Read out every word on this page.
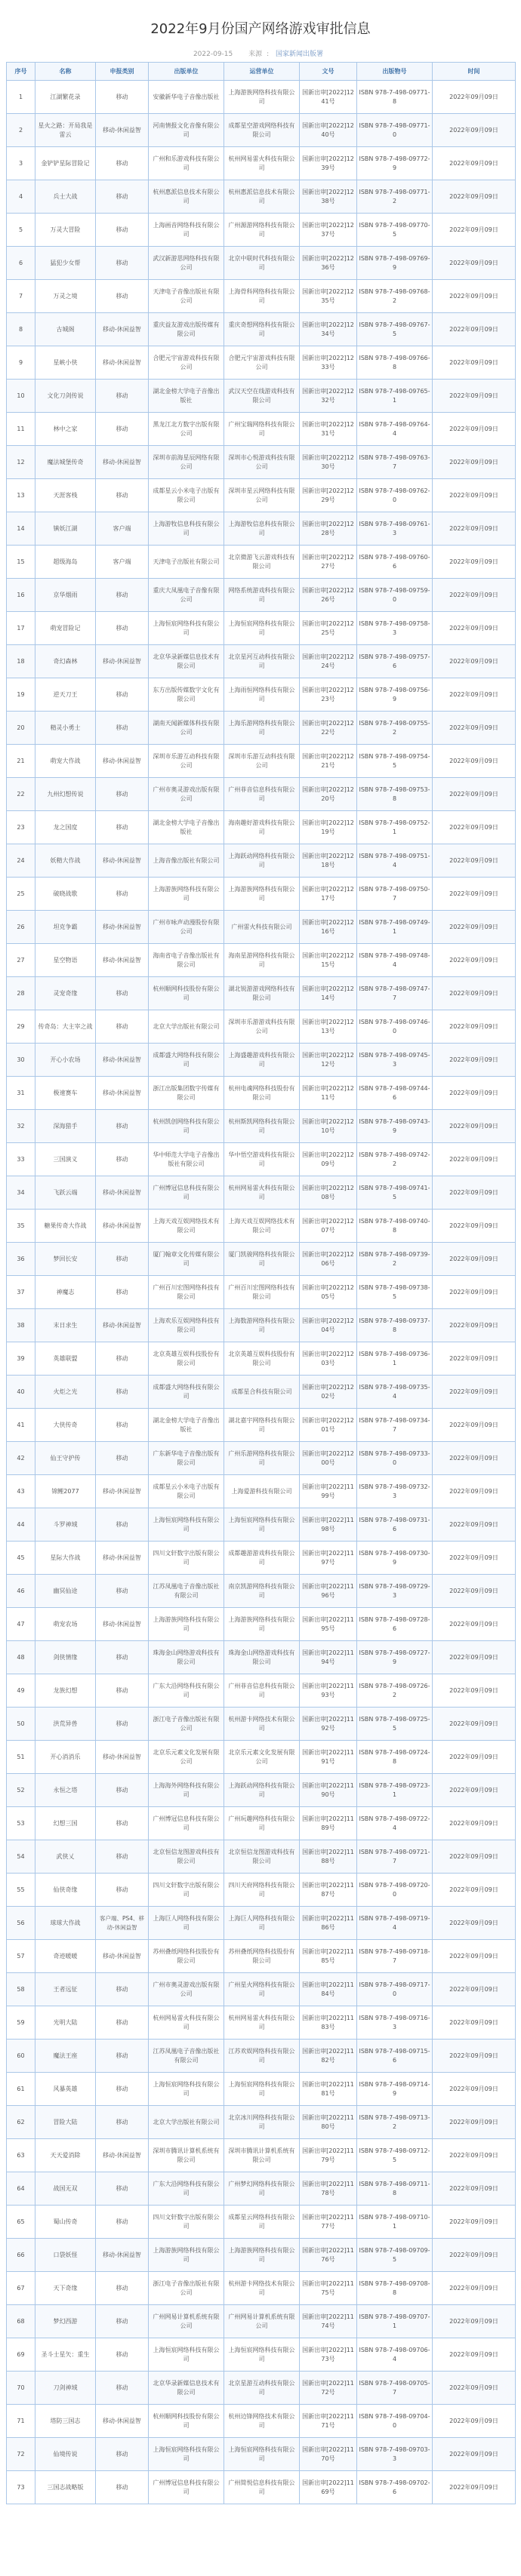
2022年9月份国产网络游戏审批信息
2022-09-15 来源 : 国家新闻出版署
序号	名称	申报类别	出版单位	运营单位	文号	出版物号	时间
1	江湖繁花录	移动	安徽新华电子音像出版社	上海游族网络科技有限公司	国新出审[2022]1241号	ISBN 978-7-498-09771-8	2022年09月09日
2	星火之路：开局我是雷云	移动-休闲益智	河南情报文化音像有限公司	成都星空游戏网络科技有限公司	国新出审[2022]1240号	ISBN 978-7-498-09771-0	2022年09月09日
3	金铲铲星际冒险记	移动	广州和乐游戏科技有限公司	杭州网易雷火科技有限公司	国新出审[2022]1239号	ISBN 978-7-498-09772-9	2022年09月09日
4	兵士大战	移动	杭州惠派信息技术有限公司	杭州惠派信息技术有限公司	国新出审[2022]1238号	ISBN 978-7-498-09771-2	2022年09月09日
5	万灵大冒险	移动	上海画音网络科技有限公司	广州源游网络科技有限公司	国新出审[2022]1237号	ISBN 978-7-498-09770-5	2022年09月09日
6	猛犯少女帮	移动	武汉新游思网络科技有限公司	北京中联时代科技有限公司	国新出审[2022]1236号	ISBN 978-7-498-09769-9	2022年09月09日
7	万灵之境	移动	天津电子音像出版社有限公司	上海骨科网络科技有限公司	国新出审[2022]1235号	ISBN 978-7-498-09768-2	2022年09月09日
8	古城阁	移动-休闲益智	重庆益友游戏出版传媒有限公司	重庆奇想网络科技有限公司	国新出审[2022]1234号	ISBN 978-7-498-09767-5	2022年09月09日
9	星峡小侠	移动-休闲益智	合肥元宇宙游戏科技有限公司	合肥元宇宙游戏科技有限公司	国新出审[2022]1233号	ISBN 978-7-498-09766-8	2022年09月09日
10	文化刀剑传说	移动	湖北金榜大学电子音像出版社	武汉天空在线游戏科技有限公司	国新出审[2022]1232号	ISBN 978-7-498-09765-1	2022年09月09日
11	林中之家	移动	黑龙江北方数字出版有限公司	广州宝瑞网络科技有限公司	国新出审[2022]1231号	ISBN 978-7-498-09764-4	2022年09月09日
12	魔法城堡传奇	移动-休闲益智	深圳市前海星辰网络有限公司	深圳市心悦游戏科技有限公司	国新出审[2022]1230号	ISBN 978-7-498-09763-7	2022年09月09日
13	天涯客栈	移动	成都星云小米电子出版有限公司	深圳市星云网络科技有限公司	国新出审[2022]1229号	ISBN 978-7-498-09762-0	2022年09月09日
14	镇妖江湖	客户端	上海游牧信息科技有限公司	上海游牧信息科技有限公司	国新出审[2022]1228号	ISBN 978-7-498-09761-3	2022年09月09日
15	超级海岛	客户端	天津电子出版社有限公司	北京微游飞云游戏科技有限公司	国新出审[2022]1227号	ISBN 978-7-498-09760-6	2022年09月09日
16	京华烟雨	移动	重庆大凤凰电子音像有限公司	网络系统游戏科技有限公司	国新出审[2022]1226号	ISBN 978-7-498-09759-0	2022年09月09日
17	萌宠冒险记	移动	上海恒宸网络科技有限公司	上海恒宸网络科技有限公司	国新出审[2022]1225号	ISBN 978-7-498-09758-3	2022年09月09日
18	奇幻森林	移动-休闲益智	北京华录新媒信息技术有限公司	北京星河互动科技有限公司	国新出审[2022]1224号	ISBN 978-7-498-09757-6	2022年09月09日
19	逆天刀王	移动	东方出版传媒数字文化有限公司	上海雨恒网络科技有限公司	国新出审[2022]1223号	ISBN 978-7-498-09756-9	2022年09月09日
20	精灵小勇士	移动	湖南天闻新媒体科技有限公司	上海乐游网络科技有限公司	国新出审[2022]1222号	ISBN 978-7-498-09755-2	2022年09月09日
21	萌宠大作战	移动-休闲益智	深圳市乐游互动科技有限公司	深圳市乐游互动科技有限公司	国新出审[2022]1221号	ISBN 978-7-498-09754-5	2022年09月09日
22	九州幻想传说	移动	广州市奥灵游戏出版有限公司	广州菲音信息科技有限公司	国新出审[2022]1220号	ISBN 978-7-498-09753-8	2022年09月09日
23	龙之国度	移动	湖北金榜大学电子音像出版社	海南趣好游戏科技有限公司	国新出审[2022]1219号	ISBN 978-7-498-09752-1	2022年09月09日
24	妖精大作战	移动-休闲益智	上海音像出版社有限公司	上海跃动网络科技有限公司	国新出审[2022]1218号	ISBN 978-7-498-09751-4	2022年09月09日
25	破晓战歌	移动	上海游族网络科技有限公司	上海游族网络科技有限公司	国新出审[2022]1217号	ISBN 978-7-498-09750-7	2022年09月09日
26	坦克争霸	移动-休闲益智	广州市咏声动漫股份有限公司	广州雷火科技有限公司	国新出审[2022]1216号	ISBN 978-7-498-09749-1	2022年09月09日
27	星空物语	移动-休闲益智	海南省电子音像出版社有限公司	海南星游网络科技有限公司	国新出审[2022]1215号	ISBN 978-7-498-09748-4	2022年09月09日
28	灵宠奇缘	移动	杭州顺网科技股份有限公司	湖北锐游游戏网络科技有限公司	国新出审[2022]1214号	ISBN 978-7-498-09747-7	2022年09月09日
29	传奇岛：大主宰之战	移动	北京大学出版社有限公司	深圳市乐游游戏科技有限公司	国新出审[2022]1213号	ISBN 978-7-498-09746-0	2022年09月09日
30	开心小农场	移动-休闲益智	成都盛大网络科技有限公司	上海盛趣游戏科技有限公司	国新出审[2022]1212号	ISBN 978-7-498-09745-3	2022年09月09日
31	极速赛车	移动-休闲益智	浙江出版集团数字传媒有限公司	杭州电魂网络科技股份有限公司	国新出审[2022]1211号	ISBN 978-7-498-09744-6	2022年09月09日
32	深海猎手	移动	杭州凯创网络科技有限公司	杭州斯凯网络科技有限公司	国新出审[2022]1210号	ISBN 978-7-498-09743-9	2022年09月09日
33	三国演义	移动	华中师范大学电子音像出版社有限公司	华中悟空游戏科技有限公司	国新出审[2022]1209号	ISBN 978-7-498-09742-2	2022年09月09日
34	飞跃云端	移动-休闲益智	广州博冠信息科技有限公司	杭州网易雷火科技有限公司	国新出审[2022]1208号	ISBN 978-7-498-09741-5	2022年09月09日
35	糖果传奇大作战	移动-休闲益智	上海天戏互娱网络技术有限公司	上海天戏互娱网络技术有限公司	国新出审[2022]1207号	ISBN 978-7-498-09740-8	2022年09月09日
36	梦回长安	移动	厦门翰章文化传媒有限公司	厦门凯骏网络科技有限公司	国新出审[2022]1206号	ISBN 978-7-498-09739-2	2022年09月09日
37	神魔志	移动	广州百川宏图网络科技有限公司	广州百川宏图网络科技有限公司	国新出审[2022]1205号	ISBN 978-7-498-09738-5	2022年09月09日
38	末日求生	移动-休闲益智	上海欢乐互娱网络科技有限公司	上海数游网络科技有限公司	国新出审[2022]1204号	ISBN 978-7-498-09737-8	2022年09月09日
39	英雄联盟	移动	北京英雄互娱科技股份有限公司	北京英雄互娱科技股份有限公司	国新出审[2022]1203号	ISBN 978-7-498-09736-1	2022年09月09日
40	火炬之光	移动	成都盛大网络科技有限公司	成都星合科技有限公司	国新出审[2022]1202号	ISBN 978-7-498-09735-4	2022年09月09日
41	大侠传奇	移动	湖北金榜大学电子音像出版社	湖北嘉宇网络科技有限公司	国新出审[2022]1201号	ISBN 978-7-498-09734-7	2022年09月09日
42	仙王守护传	移动	广东新华电子音像出版有限公司	广州乐游网络科技有限公司	国新出审[2022]1200号	ISBN 978-7-498-09733-0	2022年09月09日
43	锦鲤2077	移动-休闲益智	成都星云小米电子出版有限公司	上海爱游科技有限公司	国新出审[2022]1199号	ISBN 978-7-498-09732-3	2022年09月09日
44	斗罗神域	移动	上海恒宸网络科技有限公司	上海恒宸网络科技有限公司	国新出审[2022]1198号	ISBN 978-7-498-09731-6	2022年09月09日
45	星际大作战	移动-休闲益智	四川文轩数字出版有限公司	成都趣游游戏科技有限公司	国新出审[2022]1197号	ISBN 978-7-498-09730-9	2022年09月09日
46	幽冥仙途	移动	江苏凤凰电子音像出版社有限公司	南京凯游网络科技有限公司	国新出审[2022]1196号	ISBN 978-7-498-09729-3	2022年09月09日
47	萌宠农场	移动-休闲益智	上海游族网络科技有限公司	上海游族网络科技有限公司	国新出审[2022]1195号	ISBN 978-7-498-09728-6	2022年09月09日
48	剑侠情缘	移动	珠海金山网络游戏科技有限公司	珠海金山网络游戏科技有限公司	国新出审[2022]1194号	ISBN 978-7-498-09727-9	2022年09月09日
49	龙族幻想	移动	广东大沿网络科技有限公司	广州菲音信息科技有限公司	国新出审[2022]1193号	ISBN 978-7-498-09726-2	2022年09月09日
50	洪荒异兽	移动	浙江电子音像出版社有限公司	杭州游卡网络技术有限公司	国新出审[2022]1192号	ISBN 978-7-498-09725-5	2022年09月09日
51	开心消消乐	移动-休闲益智	北京乐元素文化发展有限公司	北京乐元素文化发展有限公司	国新出审[2022]1191号	ISBN 978-7-498-09724-8	2022年09月09日
52	永恒之塔	移动	上海海外网络科技有限公司	上海跃动网络科技有限公司	国新出审[2022]1190号	ISBN 978-7-498-09723-1	2022年09月09日
53	幻想三国	移动	广州博冠信息科技有限公司	广州玩趣网络科技有限公司	国新出审[2022]1189号	ISBN 978-7-498-09722-4	2022年09月09日
54	武侠乂	移动	北京恒信龙图游戏科技有限公司	北京恒信龙图游戏科技有限公司	国新出审[2022]1188号	ISBN 978-7-498-09721-7	2022年09月09日
55	仙侠奇缘	移动	四川文轩数字出版有限公司	四川天府网络科技有限公司	国新出审[2022]1187号	ISBN 978-7-498-09720-0	2022年09月09日
56	球球大作战	客户端、PS4、移动-休闲益智	上海巨人网络科技有限公司	上海巨人网络科技有限公司	国新出审[2022]1186号	ISBN 978-7-498-09719-4	2022年09月09日
57	奇迹暖暖	移动-休闲益智	苏州叠纸网络科技股份有限公司	苏州叠纸网络科技股份有限公司	国新出审[2022]1185号	ISBN 978-7-498-09718-7	2022年09月09日
58	王者远征	移动	广州市奥灵游戏出版有限公司	广州星火网络科技有限公司	国新出审[2022]1184号	ISBN 978-7-498-09717-0	2022年09月09日
59	光明大陆	移动	杭州网易雷火科技有限公司	杭州网易雷火科技有限公司	国新出审[2022]1183号	ISBN 978-7-498-09716-3	2022年09月09日
60	魔法王座	移动	江苏凤凰电子音像出版社有限公司	江苏欢娱网络科技有限公司	国新出审[2022]1182号	ISBN 978-7-498-09715-6	2022年09月09日
61	风暴英雄	移动	上海恒宸网络科技有限公司	上海恒宸网络科技有限公司	国新出审[2022]1181号	ISBN 978-7-498-09714-9	2022年09月09日
62	冒险大陆	移动	北京大学出版社有限公司	北京冰川网络科技有限公司	国新出审[2022]1180号	ISBN 978-7-498-09713-2	2022年09月09日
63	天天爱消除	移动-休闲益智	深圳市腾讯计算机系统有限公司	深圳市腾讯计算机系统有限公司	国新出审[2022]1179号	ISBN 978-7-498-09712-5	2022年09月09日
64	战国无双	移动	广东大沿网络科技有限公司	广州梦幻网络科技有限公司	国新出审[2022]1178号	ISBN 978-7-498-09711-8	2022年09月09日
65	蜀山传奇	移动	四川文轩数字出版有限公司	成都星云网络科技有限公司	国新出审[2022]1177号	ISBN 978-7-498-09710-1	2022年09月09日
66	口袋妖怪	移动-休闲益智	上海游族网络科技有限公司	上海游族网络科技有限公司	国新出审[2022]1176号	ISBN 978-7-498-09709-5	2022年09月09日
67	天下奇缘	移动	浙江电子音像出版社有限公司	杭州游卡网络技术有限公司	国新出审[2022]1175号	ISBN 978-7-498-09708-8	2022年09月09日
68	梦幻西游	移动	广州网易计算机系统有限公司	广州网易计算机系统有限公司	国新出审[2022]1174号	ISBN 978-7-498-09707-1	2022年09月09日
69	圣斗士星矢：重生	移动	上海恒宸网络科技有限公司	上海恒宸网络科技有限公司	国新出审[2022]1173号	ISBN 978-7-498-09706-4	2022年09月09日
70	刀剑神域	移动	北京华录新媒信息技术有限公司	北京星游互动科技有限公司	国新出审[2022]1172号	ISBN 978-7-498-09705-7	2022年09月09日
71	塔防三国志	移动-休闲益智	杭州顺网科技股份有限公司	杭州边锋网络技术有限公司	国新出审[2022]1171号	ISBN 978-7-498-09704-0	2022年09月09日
72	仙境传说	移动	上海恒宸网络科技有限公司	上海恒宸网络科技有限公司	国新出审[2022]1170号	ISBN 978-7-498-09703-3	2022年09月09日
73	三国志战略版	移动	广州博冠信息科技有限公司	广州简悦信息科技有限公司	国新出审[2022]1169号	ISBN 978-7-498-09702-6	2022年09月09日
